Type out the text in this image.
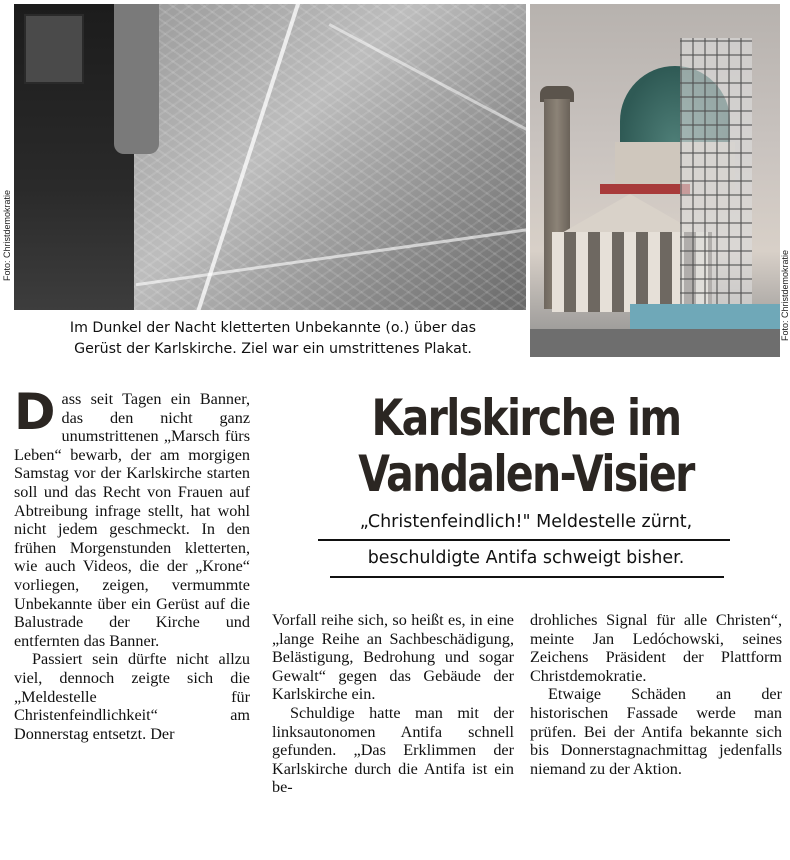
Foto: Christdemokratie
Foto: Christdemokratie
Im Dunkel der Nacht kletterten Unbekannte (o.) über das
Gerüst der Karlskirche. Ziel war ein umstrittenes Plakat.
Karlskirche im
Vandalen-Visier
„Christenfeindlich!" Meldestelle zürnt,
beschuldigte Antifa schweigt bisher.

Dass seit Tagen ein Banner, das den nicht ganz unumstrittenen „Marsch fürs Leben“ bewarb, der am morgigen Samstag vor der Karlskirche starten soll und das Recht von Frauen auf Abtreibung infrage stellt, hat wohl nicht jedem geschmeckt. In den frühen Morgenstunden kletterten, wie auch Videos, die der „Krone“ vorliegen, zeigen, vermummte Unbekannte über ein Gerüst auf die Balustrade der Kirche und entfernten das Banner.

Passiert sein dürfte nicht allzu viel, dennoch zeigte sich die „Meldestelle für Christenfeindlichkeit“ am Donnerstag entsetzt. Der

Vorfall reihe sich, so heißt es, in eine „lange Reihe an Sachbeschädigung, Belästigung, Bedrohung und sogar Gewalt“ gegen das Gebäude der Karlskirche ein.

Schuldige hatte man mit der linksautonomen Antifa schnell gefunden. „Das Erklimmen der Karlskirche durch die Antifa ist ein be-

drohliches Signal für alle Christen“, meinte Jan Ledóchowski, seines Zeichens Präsident der Plattform Christdemokratie.

Etwaige Schäden an der historischen Fassade werde man prüfen. Bei der Antifa bekannte sich bis Donnerstagnachmittag jedenfalls niemand zu der Aktion.
